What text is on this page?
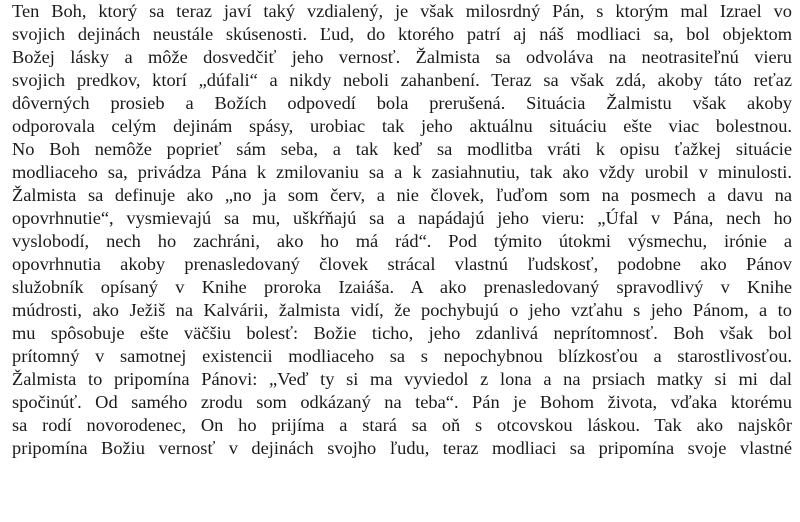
Ten Boh, ktorý sa teraz javí taký vzdialený, je však milosrdný Pán, s ktorým mal Izrael vo
svojich dejinách neustále skúsenosti. Ľud, do ktorého patrí aj náš modliaci sa, bol objektom
Božej lásky a môže dosvedčiť jeho vernosť. Žalmista sa odvoláva na neotrasiteľnú vieru
svojich predkov, ktorí „dúfali“ a nikdy neboli zahanbení. Teraz sa však zdá, akoby táto reťaz
dôverných prosieb a Božích odpovedí bola prerušená. Situácia Žalmistu však akoby
odporovala celým dejinám spásy, urobiac tak jeho aktuálnu situáciu ešte viac bolestnou.
No Boh nemôže poprieť sám seba, a tak keď sa modlitba vráti k opisu ťažkej situácie
modliaceho sa, privádza Pána k zmilovaniu sa a k zasiahnutiu, tak ako vždy urobil v minulosti.
Žalmista sa definuje ako „no ja som červ, a nie človek, ľuďom som na posmech a davu na
opovrhnutie“, vysmievajú sa mu, uškŕňajú sa a napádajú jeho vieru: „Úfal v Pána, nech ho
vyslobodí, nech ho zachráni, ako ho má rád“. Pod týmito útokmi výsmechu, irónie a
opovrhnutia akoby prenasledovaný človek strácal vlastnú ľudskosť, podobne ako Pánov
služobník opísaný v Knihe proroka Izaiáša. A ako prenasledovaný spravodlivý v Knihe
múdrosti, ako Ježiš na Kalvárii, žalmista vidí, že pochybujú o jeho vzťahu s jeho Pánom, a to
mu spôsobuje ešte väčšiu bolesť: Božie ticho, jeho zdanlivá neprítomnosť. Boh však bol
prítomný v samotnej existencii modliaceho sa s nepochybnou blízkosťou a starostlivosťou.
Žalmista to pripomína Pánovi: „Veď ty si ma vyviedol z lona a na prsiach matky si mi dal
spočinúť. Od samého zrodu som odkázaný na teba“. Pán je Bohom života, vďaka ktorému
sa rodí novorodenec, On ho prijíma a stará sa oň s otcovskou láskou. Tak ako najskôr
pripomína Božiu vernosť v dejinách svojho ľudu, teraz modliaci sa pripomína svoje vlastné
